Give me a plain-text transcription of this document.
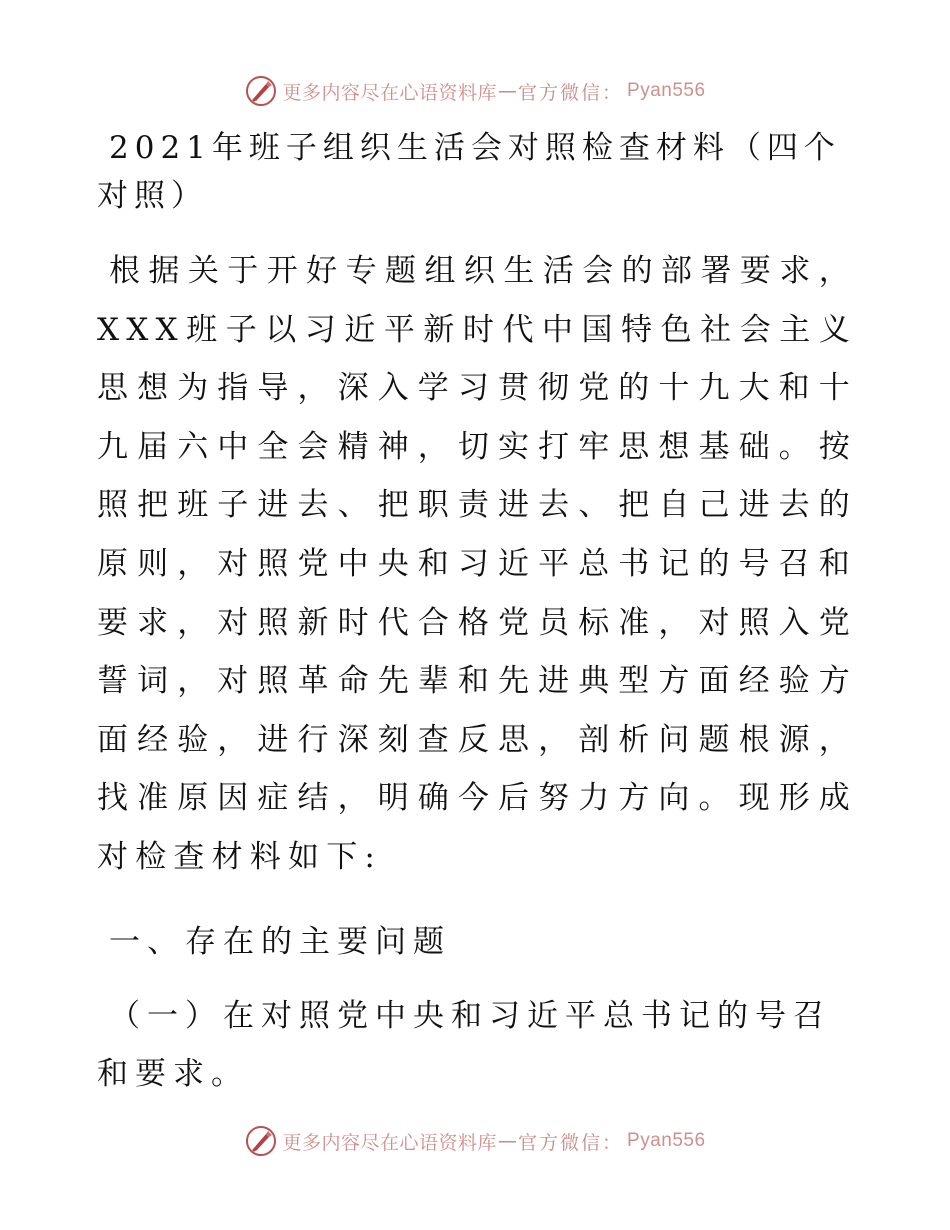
更多内容尽在心语资料库 — 官方微信 ： Pyan556
2021年班子组织生活会对照检查材料（四个对照）

根据关于开好专题组织生活会的部署要求，XXX班子以习近平新时代中国特色社会主义思想为指导，深入学习贯彻党的十九大和十九届六中全会精神，切实打牢思想基础。按照把班子进去、把职责进去、把自己进去的原则，对照党中央和习近平总书记的号召和要求，对照新时代合格党员标准，对照入党誓词，对照革命先辈和先进典型方面经验方面经验，进行深刻查反思，剖析问题根源，找准原因症结，明确今后努力方向。现形成对检查材料如下:

一、存在的主要问题
（一）在对照党中央和习近平总书记的号召和要求。
更多内容尽在心语资料库 — 官方微信 ： Pyan556
